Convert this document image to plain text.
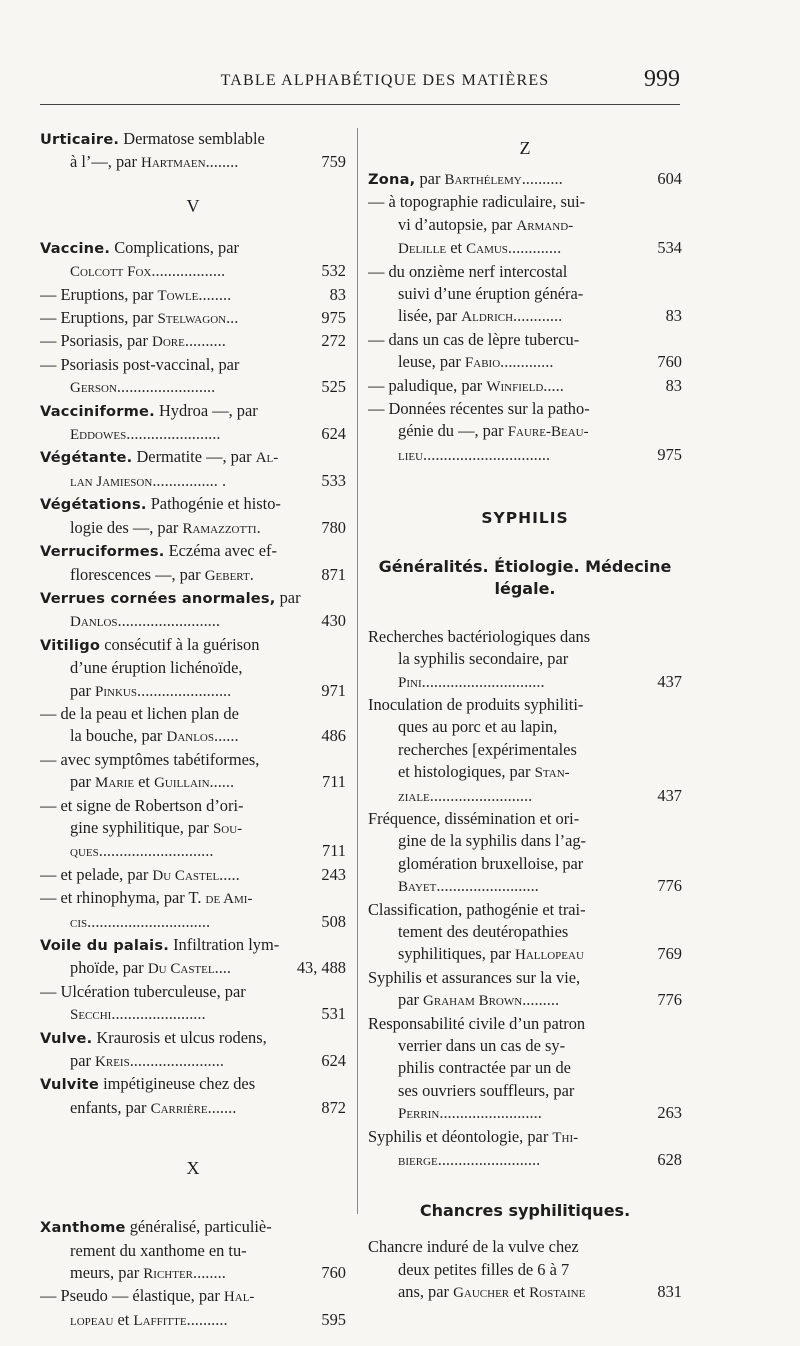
TABLE ALPHABÉTIQUE DES MATIÈRES	999
Urticaire. Dermatose semblable
à l’—, par Hartmaen........	759
V
Vaccine. Complications, par
Colcott Fox..................	532
— Eruptions, par Towle........	83
— Eruptions, par Stelwagon...	975
— Psoriasis, par Dore..........	272
— Psoriasis post-vaccinal, par
Gerson........................	525
Vacciniforme. Hydroa —, par
Eddowes.......................	624
Végétante. Dermatite —, par Al-
lan Jamieson................ .	533
Végétations. Pathogénie et histo-
logie des —, par Ramazzotti.	780
Verruciformes. Eczéma avec ef-
florescences —, par Gebert.	871
Verrues cornées anormales, par
Danlos.........................	430
Vitiligo consécutif à la guérison
d’une éruption lichénoïde,
par Pinkus.......................	971
— de la peau et lichen plan de
la bouche, par Danlos......	486
— avec symptômes tabétiformes,
par Marie et Guillain......	711
— et signe de Robertson d’ori-
gine syphilitique, par Sou-
ques............................	711
— et pelade, par Du Castel.....	243
— et rhinophyma, par T. de Ami-
cis..............................	508
Voile du palais. Infiltration lym-
phoïde, par Du Castel....	43, 488
— Ulcération tuberculeuse, par
Secchi.......................	531
Vulve. Kraurosis et ulcus rodens,
par Kreis.......................	624
Vulvite impétigineuse chez des
enfants, par Carrière.......	872
X
Xanthome généralisé, particuliè-
rement du xanthome en tu-
meurs, par Richter........	760
— Pseudo — élastique, par Hal-
lopeau et Laffitte..........	595
Z
Zona, par Barthélemy..........	604
— à topographie radiculaire, sui-
vi d’autopsie, par Armand-
Delille et Camus.............	534
— du onzième nerf intercostal
suivi d’une éruption généra-
lisée, par Aldrich............	83
— dans un cas de lèpre tubercu-
leuse, par Fabio.............	760
— paludique, par Winfield.....	83
— Données récentes sur la patho-
génie du —, par Faure-Beau-
lieu...............................	975
SYPHILIS
Généralités. Étiologie. Médecine
légale.
Recherches bactériologiques dans
la syphilis secondaire, par
Pini..............................	437
Inoculation de produits syphiliti-
ques au porc et au lapin,
recherches [expérimentales
et histologiques, par Stan-
ziale.........................	437
Fréquence, dissémination et ori-
gine de la syphilis dans l’ag-
glomération bruxelloise, par
Bayet.........................	776
Classification, pathogénie et trai-
tement des deutéropathies
syphilitiques, par Hallopeau	769
Syphilis et assurances sur la vie,
par Graham Brown.........	776
Responsabilité civile d’un patron
verrier dans un cas de sy-
philis contractée par un de
ses ouvriers souffleurs, par
Perrin.........................	263
Syphilis et déontologie, par Thi-
bierge.........................	628
Chancres syphilitiques.
Chancre induré de la vulve chez
deux petites filles de 6 à 7
ans, par Gaucher et Rostaine	831
